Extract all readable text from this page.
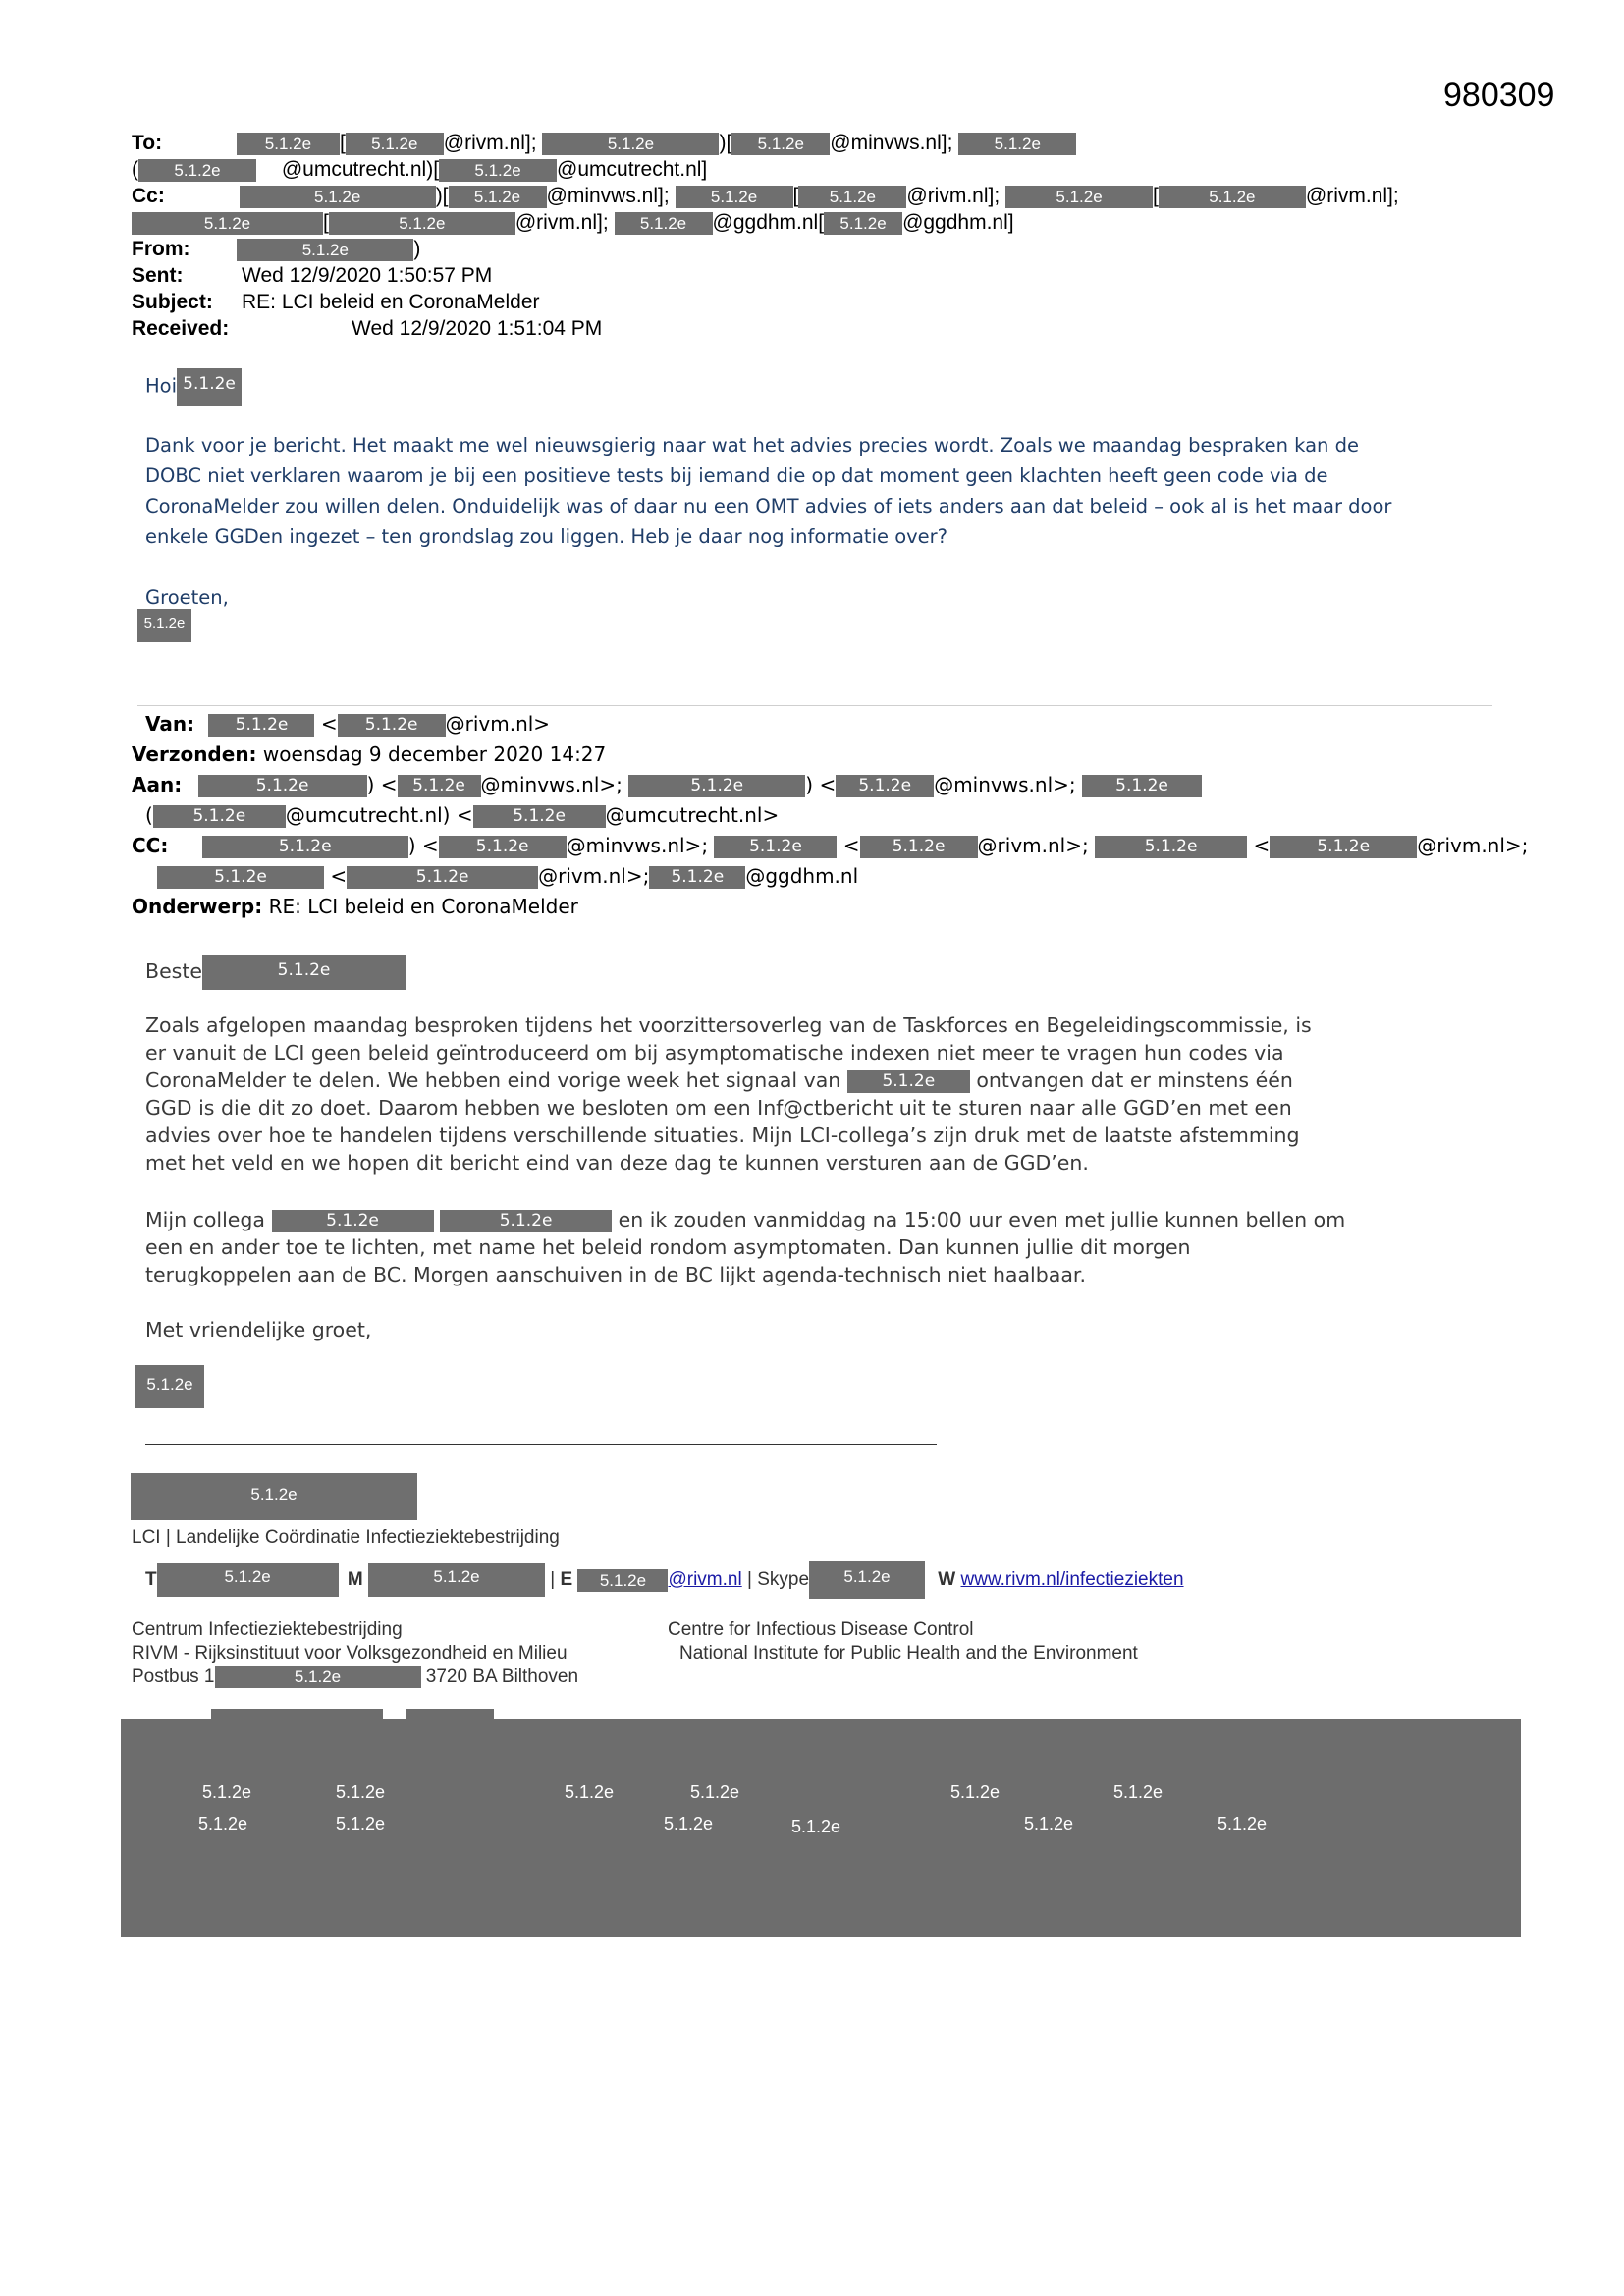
980309
To:	5.1.2e [ 5.1.2e @rivm.nl];	5.1.2e	)[ 5.1.2e @minvws.nl]; 5.1.2e
( 5.1.2e	@umcutrecht.nl)[ 5.1.2e @umcutrecht.nl]
Cc:	5.1.2e	)[ 5.1.2e @minvws.nl]; 5.1.2e [ 5.1.2e @rivm.nl];	5.1.2e [	5.1.2e @rivm.nl];
5.1.2e	[	5.1.2e	@rivm.nl]; 5.1.2e @ggdhm.nl[ 5.1.2e @ggdhm.nl]
From:	5.1.2e	)
Sent:	Wed 12/9/2020 1:50:57 PM
Subject: RE: LCI beleid en CoronaMelder
Received:	Wed 12/9/2020 1:51:04 PM
Hoi 5.1.2e
Dank voor je bericht. Het maakt me wel nieuwsgierig naar wat het advies precies wordt. Zoals we maandag bespraken kan de
DOBC niet verklaren waarom je bij een positieve tests bij iemand die op dat moment geen klachten heeft geen code via de
CoronaMelder zou willen delen. Onduidelijk was of daar nu een OMT advies of iets anders aan dat beleid – ook al is het maar door
enkele GGDen ingezet – ten grondslag zou liggen. Heb je daar nog informatie over?
Groeten,
5.1.2e
Van: 5.1.2e < 5.1.2e @rivm.nl>
Verzonden: woensdag 9 december 2020 14:27
Aan:	5.1.2e	) < 5.1.2e @minvws.nl>;	5.1.2e	) < 5.1.2e @minvws.nl>; 5.1.2e
( 5.1.2e @umcutrecht.nl) < 5.1.2e @umcutrecht.nl>
CC:	5.1.2e	) < 5.1.2e @minvws.nl>; 5.1.2e < 5.1.2e @rivm.nl>;	5.1.2e	<	5.1.2e @rivm.nl>;
5.1.2e	<	5.1.2e	@rivm.nl>; 5.1.2e @ggdhm.nl
Onderwerp: RE: LCI beleid en CoronaMelder
Beste	5.1.2e
Zoals afgelopen maandag besproken tijdens het voorzittersoverleg van de Taskforces en Begeleidingscommissie, is
er vanuit de LCI geen beleid geïntroduceerd om bij asymptomatische indexen niet meer te vragen hun codes via
CoronaMelder te delen. We hebben eind vorige week het signaal van 5.1.2e ontvangen dat er minstens één
GGD is die dit zo doet. Daarom hebben we besloten om een Inf@ctbericht uit te sturen naar alle GGD’en met een
advies over hoe te handelen tijdens verschillende situaties. Mijn LCI-collega’s zijn druk met de laatste afstemming
met het veld en we hopen dit bericht eind van deze dag te kunnen versturen aan de GGD’en.
Mijn collega	5.1.2e	5.1.2e	en ik zouden vanmiddag na 15:00 uur even met jullie kunnen bellen om
een en ander toe te lichten, met name het beleid rondom asymptomaten. Dan kunnen jullie dit morgen
terugkoppelen aan de BC. Morgen aanschuiven in de BC lijkt agenda-technisch niet haalbaar.
Met vriendelijke groet,
5.1.2e
5.1.2e
LCI | Landelijke Coördinatie Infectieziektebestrijding
T	5.1.2e	M	5.1.2e	| E 5.1.2e @rivm.nl | Skype 5.1.2e	W www.rivm.nl/infectieziekten
Centrum Infectieziektebestrijding
RIVM - Rijksinstituut voor Volksgezondheid en Milieu
Postbus 1	5.1.2e	3720 BA Bilthoven
Centre for Infectious Disease Control
National Institute for Public Health and the Environment
5.1.2e	5.1.2e	5.1.2e	5.1.2e	5.1.2e	5.1.2e
5.1.2e	5.1.2e	5.1.2e	5.1.2e	5.1.2e	5.1.2e
